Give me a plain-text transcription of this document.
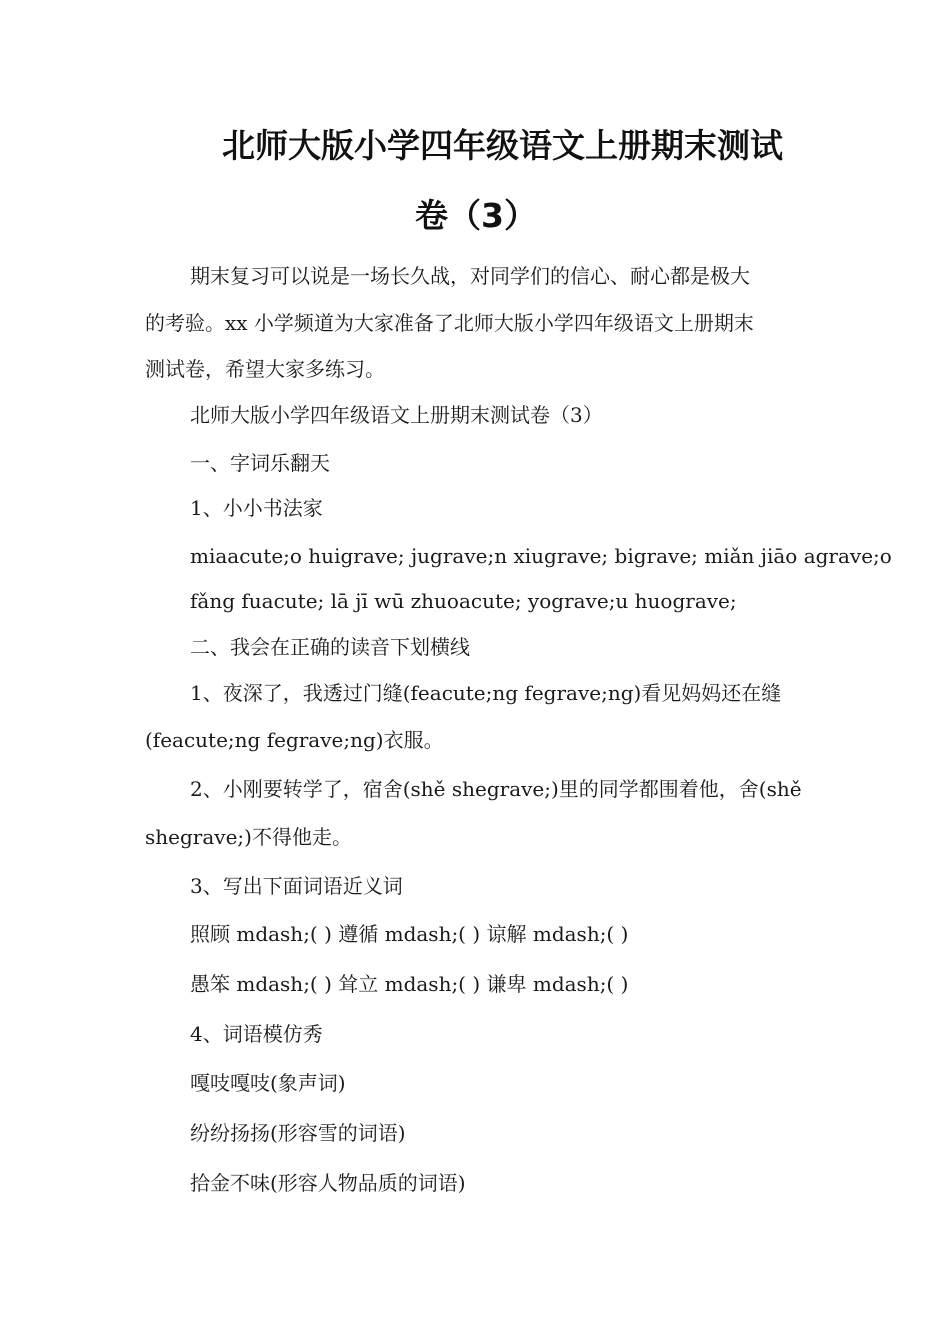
北师大版小学四年级语文上册期末测试
卷（3）
期末复习可以说是一场长久战，对同学们的信心、耐心都是极大
的考验。xx 小学频道为大家准备了北师大版小学四年级语文上册期末
测试卷，希望大家多练习。
北师大版小学四年级语文上册期末测试卷（3）
一、字词乐翻天
1、小小书法家
miaacute;o huigrave; jugrave;n xiugrave; bigrave; miǎn jiāo agrave;o
fǎng fuacute; lā jī wū zhuoacute; yograve;u huograve;
二、我会在正确的读音下划横线
1、夜深了，我透过门缝(feacute;ng fegrave;ng)看见妈妈还在缝
(feacute;ng fegrave;ng)衣服。
2、小刚要转学了，宿舍(shě shegrave;)里的同学都围着他，舍(shě
shegrave;)不得他走。
3、写出下面词语近义词
照顾 mdash;( ) 遵循 mdash;( ) 谅解 mdash;( )
愚笨 mdash;( ) 耸立 mdash;( ) 谦卑 mdash;( )
4、词语模仿秀
嘎吱嘎吱(象声词)
纷纷扬扬(形容雪的词语)
拾金不味(形容人物品质的词语)
